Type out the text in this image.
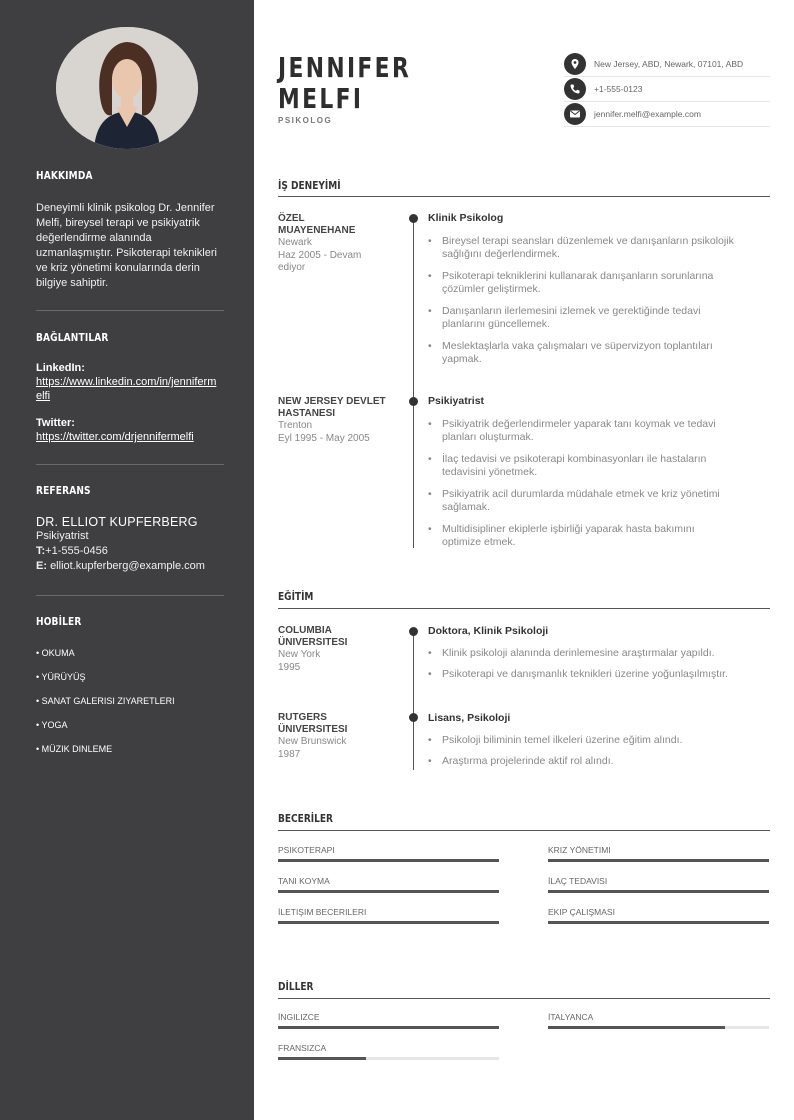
HAKKIMDA
Deneyimli klinik psikolog Dr. Jennifer Melfi, bireysel terapi ve psikiyatrik değerlendirme alanında uzmanlaşmıştır. Psikoterapi teknikleri ve kriz yönetimi konularında derin bilgiye sahiptir.
BAĞLANTILAR
LinkedIn:
https://www.linkedin.com/in/jennifermelfi
Twitter:
https://twitter.com/drjennifermelfi
REFERANS
DR. ELLIOT KUPFERBERG
Psikiyatrist
T:+1-555-0456
E: elliot.kupferberg@example.com
HOBİLER
• OKUMA
• YÜRÜYÜŞ
• SANAT GALERISI ZIYARETLERI
• YOGA
• MÜZIK DINLEME
JENNIFER
MELFI
PSIKOLOG
New Jersey, ABD, Newark, 07101, ABD
+1-555-0123
jennifer.melfi@example.com
İŞ DENEYİMİ
ÖZEL
MUAYENEHANE
Newark
Haz 2005 - Devam
ediyor
Klinik Psikolog
• Bireysel terapi seansları düzenlemek ve danışanların psikolojik
sağlığını değerlendirmek.
• Psikoterapi tekniklerini kullanarak danışanların sorunlarına
çözümler geliştirmek.
• Danışanların ilerlemesini izlemek ve gerektiğinde tedavi
planlarını güncellemek.
• Meslektaşlarla vaka çalışmaları ve süpervizyon toplantıları
yapmak.
NEW JERSEY DEVLET
HASTANESI
Trenton
Eyl 1995 - May 2005
Psikiyatrist
• Psikiyatrik değerlendirmeler yaparak tanı koymak ve tedavi
planları oluşturmak.
• İlaç tedavisi ve psikoterapi kombinasyonları ile hastaların
tedavisini yönetmek.
• Psikiyatrik acil durumlarda müdahale etmek ve kriz yönetimi
sağlamak.
• Multidisipliner ekiplerle işbirliği yaparak hasta bakımını
optimize etmek.
EĞİTİM
COLUMBIA
ÜNIVERSITESI
New York
1995
Doktora, Klinik Psikoloji
• Klinik psikoloji alanında derinlemesine araştırmalar yapıldı.
• Psikoterapi ve danışmanlık teknikleri üzerine yoğunlaşılmıştır.
RUTGERS
ÜNIVERSITESI
New Brunswick
1987
Lisans, Psikoloji
• Psikoloji biliminin temel ilkeleri üzerine eğitim alındı.
• Araştırma projelerinde aktif rol alındı.
BECERİLER
PSIKOTERAPI	KRIZ YÖNETIMI
TANI KOYMA	İLAÇ TEDAVISI
İLETIŞIM BECERILERI	EKIP ÇALIŞMASI
DİLLER
İNGILIZCE	İTALYANCA
FRANSIZCA
